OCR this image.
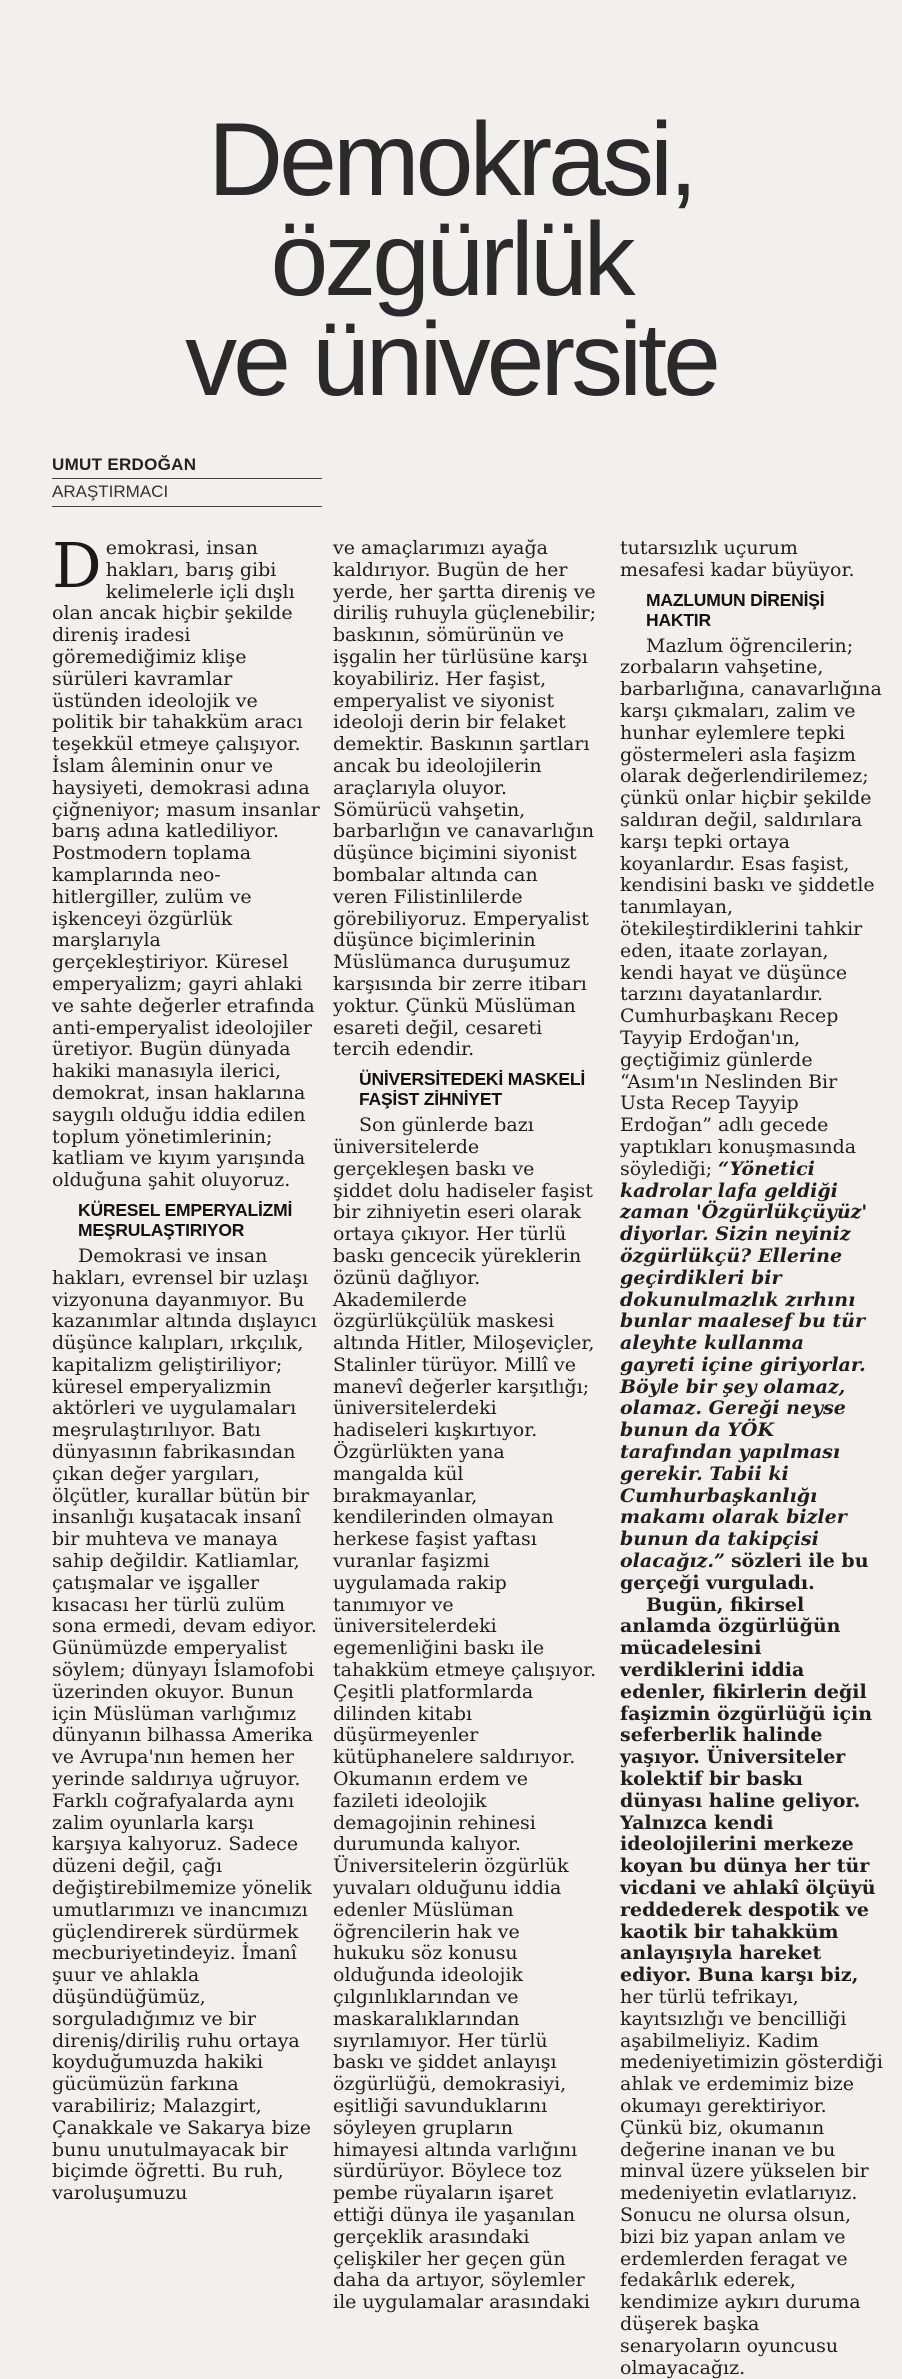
Demokrasi,
özgürlük
ve üniversite
UMUT ERDOĞAN
ARAŞTIRMACI

Demokrasi, insan hakları, barış gibi kelimelerle içli dışlı olan ancak hiçbir şekilde direniş iradesi göremediğimiz klişe sürüleri kavramlar üstünden ideolojik ve politik bir tahakküm aracı teşekkül etmeye çalışıyor. İslam âleminin onur ve haysiyeti, demokrasi adına çiğneniyor; masum insanlar barış adına katlediliyor. Postmodern toplama kamplarında neo-hitlergiller, zulüm ve işkenceyi özgürlük marşlarıyla gerçekleştiriyor. Küresel emperyalizm; gayri ahlaki ve sahte değerler etrafında anti-emperyalist ideolojiler üretiyor. Bugün dünyada hakiki manasıyla ilerici, demokrat, insan haklarına saygılı olduğu iddia edilen toplum yönetimlerinin; katliam ve kıyım yarışında olduğuna şahit oluyoruz.

KÜRESEL EMPERYALİZMİ MEŞRULAŞTIRIYOR

Demokrasi ve insan hakları, evrensel bir uzlaşı vizyonuna dayanmıyor. Bu kazanımlar altında dışlayıcı düşünce kalıpları, ırkçılık, kapitalizm geliştiriliyor; küresel emperyalizmin aktörleri ve uygulamaları meşrulaştırılıyor. Batı dünyasının fabrikasından çıkan değer yargıları, ölçütler, kurallar bütün bir insanlığı kuşatacak insanî bir muhteva ve manaya sahip değildir. Katliamlar, çatışmalar ve işgaller kısacası her türlü zulüm sona ermedi, devam ediyor. Günümüzde emperyalist söylem; dünyayı İslamofobi üzerinden okuyor. Bunun için Müslüman varlığımız dünyanın bilhassa Amerika ve Avrupa'nın hemen her yerinde saldırıya uğruyor. Farklı coğrafyalarda aynı zalim oyunlarla karşı karşıya kalıyoruz. Sadece düzeni değil, çağı değiştirebilmemize yönelik umutlarımızı ve inancımızı güçlendirerek sürdürmek mecburiyetindeyiz. İmanî şuur ve ahlakla düşündüğümüz, sorguladığımız ve bir direniş/diriliş ruhu ortaya koyduğumuzda hakiki gücümüzün farkına varabiliriz; Malazgirt, Çanakkale ve Sakarya bize bunu unutulmayacak bir biçimde öğretti. Bu ruh, varoluşumuzu

ve amaçlarımızı ayağa kaldırıyor. Bugün de her yerde, her şartta direniş ve diriliş ruhuyla güçlenebilir; baskının, sömürünün ve işgalin her türlüsüne karşı koyabiliriz. Her faşist, emperyalist ve siyonist ideoloji derin bir felaket demektir. Baskının şartları ancak bu ideolojilerin araçlarıyla oluyor. Sömürücü vahşetin, barbarlığın ve canavarlığın düşünce biçimini siyonist bombalar altında can veren Filistinlilerde görebiliyoruz. Emperyalist düşünce biçimlerinin Müslümanca duruşumuz karşısında bir zerre itibarı yoktur. Çünkü Müslüman esareti değil, cesareti tercih edendir.

ÜNİVERSİTEDEKİ MASKELİ FAŞİST ZİHNİYET

Son günlerde bazı üniversitelerde gerçekleşen baskı ve şiddet dolu hadiseler faşist bir zihniyetin eseri olarak ortaya çıkıyor. Her türlü baskı gencecik yüreklerin özünü dağlıyor. Akademilerde özgürlükçülük maskesi altında Hitler, Miloşeviçler, Stalinler türüyor. Millî ve manevî değerler karşıtlığı; üniversitelerdeki hadiseleri kışkırtıyor. Özgürlükten yana mangalda kül bırakmayanlar, kendilerinden olmayan herkese faşist yaftası vuranlar faşizmi uygulamada rakip tanımıyor ve üniversitelerdeki egemenliğini baskı ile tahakküm etmeye çalışıyor. Çeşitli platformlarda dilinden kitabı düşürmeyenler kütüphanelere saldırıyor. Okumanın erdem ve fazileti ideolojik demagojinin rehinesi durumunda kalıyor. Üniversitelerin özgürlük yuvaları olduğunu iddia edenler Müslüman öğrencilerin hak ve hukuku söz konusu olduğunda ideolojik çılgınlıklarından ve maskaralıklarından sıyrılamıyor. Her türlü baskı ve şiddet anlayışı özgürlüğü, demokrasiyi, eşitliği savunduklarını söyleyen grupların himayesi altında varlığını sürdürüyor. Böylece toz pembe rüyaların işaret ettiği dünya ile yaşanılan gerçeklik arasındaki çelişkiler her geçen gün daha da artıyor, söylemler ile uygulamalar arasındaki

tutarsızlık uçurum mesafesi kadar büyüyor.

MAZLUMUN DİRENİŞİ HAKTIR

Mazlum öğrencilerin; zorbaların vahşetine, barbarlığına, canavarlığına karşı çıkmaları, zalim ve hunhar eylemlere tepki göstermeleri asla faşizm olarak değerlendirilemez; çünkü onlar hiçbir şekilde saldıran değil, saldırılara karşı tepki ortaya koyanlardır. Esas faşist, kendisini baskı ve şiddetle tanımlayan, ötekileştirdiklerini tahkir eden, itaate zorlayan, kendi hayat ve düşünce tarzını dayatanlardır. Cumhurbaşkanı Recep Tayyip Erdoğan'ın, geçtiğimiz günlerde “Asım'ın Neslinden Bir Usta Recep Tayyip Erdoğan” adlı gecede yaptıkları konuşmasında söylediği; “Yönetici kadrolar lafa geldiği zaman 'Özgürlükçüyüz' diyorlar. Sizin neyiniz özgürlükçü? Ellerine geçirdikleri bir dokunulmazlık zırhını bunlar maalesef bu tür aleyhte kullanma gayreti içine giriyorlar. Böyle bir şey olamaz, olamaz. Gereği neyse bunun da YÖK tarafından yapılması gerekir. Tabii ki Cumhurbaşkanlığı makamı olarak bizler bunun da takipçisi olacağız.” sözleri ile bu gerçeği vurguladı.

Bugün, fikirsel anlamda özgürlüğün mücadelesini verdiklerini iddia edenler, fikirlerin değil faşizmin özgürlüğü için seferberlik halinde yaşıyor. Üniversiteler kolektif bir baskı dünyası haline geliyor. Yalnızca kendi ideolojilerini merkeze koyan bu dünya her tür vicdani ve ahlakî ölçüyü reddederek despotik ve kaotik bir tahakküm anlayışıyla hareket ediyor. Buna karşı biz, her türlü tefrikayı, kayıtsızlığı ve bencilliği aşabilmeliyiz. Kadim medeniyetimizin gösterdiği ahlak ve erdemimiz bize okumayı gerektiriyor. Çünkü biz, okumanın değerine inanan ve bu minval üzere yükselen bir medeniyetin evlatlarıyız. Sonucu ne olursa olsun, bizi biz yapan anlam ve erdemlerden feragat ve fedakârlık ederek, kendimize aykırı duruma düşerek başka senaryoların oyuncusu olmayacağız.
